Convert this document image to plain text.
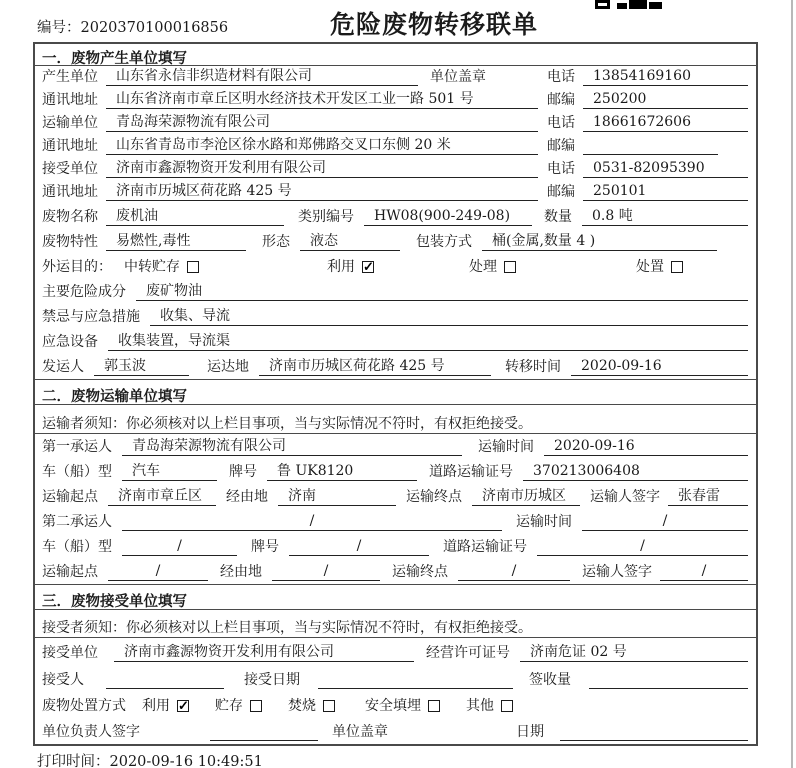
编号：2020370100016856	危险废物转移联单
一．废物产生单位填写
产生单位	山东省永信非织造材料有限公司	单位盖章	电话	13854169160
通讯地址	山东省济南市章丘区明水经济技术开发区工业一路 501 号	邮编	250200
运输单位	青岛海荣源物流有限公司	电话	18661672606
通讯地址	山东省青岛市李沧区徐水路和郑佛路交叉口东侧 20 米	邮编
接受单位	济南市鑫源物资开发利用有限公司	电话	0531-82095390
通讯地址	济南市历城区荷花路 425 号	邮编	250101
废物名称	废机油	类别编号	HW08(900-249-08)	数量	0.8 吨
废物特性	易燃性,毒性	形态	液态	包装方式	桶(金属,数量 4 )
外运目的： 中转贮存	利用 ✓	处理	处置
主要危险成分	废矿物油
禁忌与应急措施	收集、导流
应急设备	收集装置，导流渠
发运人	郭玉波	运达地	济南市历城区荷花路 425 号	转移时间	2020-09-16
二．废物运输单位填写
运输者须知：你必须核对以上栏目事项，当与实际情况不符时，有权拒绝接受。
第一承运人	青岛海荣源物流有限公司	运输时间	2020-09-16
车（船）型	汽车	牌号	鲁 UK8120	道路运输证号	370213006408
运输起点	济南市章丘区	经由地	济南	运输终点	济南市历城区	运输人签字	张春雷
第二承运人	/	运输时间	/
车（船）型	/	牌号	/	道路运输证号	/
运输起点	/	经由地	/	运输终点	/	运输人签字	/
三．废物接受单位填写
接受者须知：你必须核对以上栏目事项，当与实际情况不符时，有权拒绝接受。
接受单位	济南市鑫源物资开发利用有限公司	经营许可证号	济南危证 02 号
接受人	接受日期	签收量
废物处置方式 利用 ✓	贮存	焚烧	安全填埋	其他
单位负责人签字	单位盖章	日期
打印时间：2020-09-16 10:49:51
